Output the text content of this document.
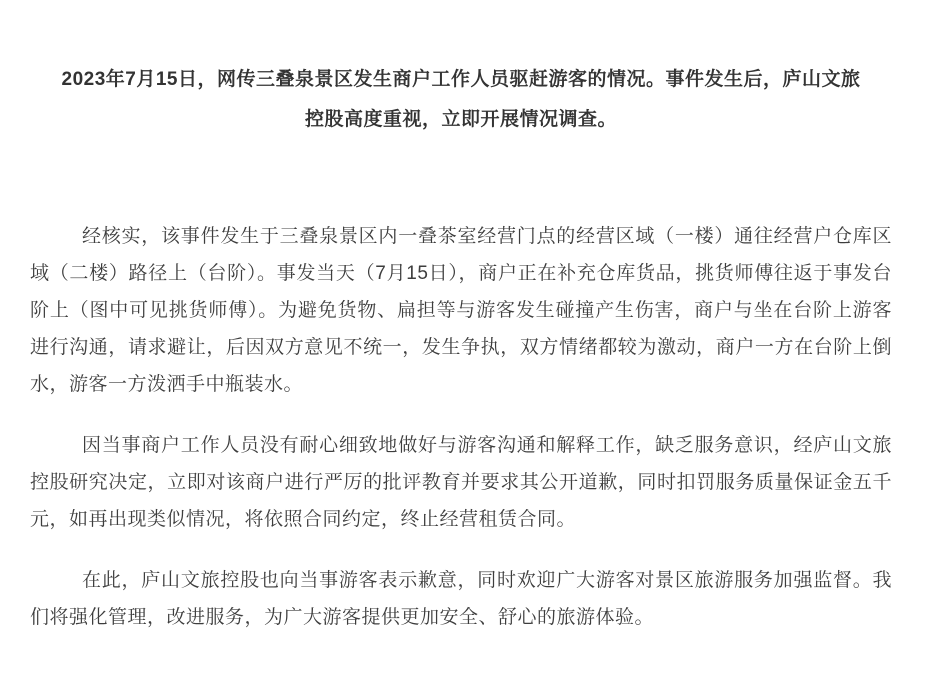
2023年7月15日，网传三叠泉景区发生商户工作人员驱赶游客的情况。事件发生后，庐山文旅控股高度重视，立即开展情况调查。

经核实，该事件发生于三叠泉景区内一叠茶室经营门点的经营区域（一楼）通往经营户仓库区域（二楼）路径上（台阶）。事发当天（7月15日），商户正在补充仓库货品，挑货师傅往返于事发台阶上（图中可见挑货师傅）。为避免货物、扁担等与游客发生碰撞产生伤害，商户与坐在台阶上游客进行沟通，请求避让，后因双方意见不统一，发生争执，双方情绪都较为激动，商户一方在台阶上倒水，游客一方泼洒手中瓶装水。

因当事商户工作人员没有耐心细致地做好与游客沟通和解释工作，缺乏服务意识，经庐山文旅控股研究决定，立即对该商户进行严厉的批评教育并要求其公开道歉，同时扣罚服务质量保证金五千元，如再出现类似情况，将依照合同约定，终止经营租赁合同。

在此，庐山文旅控股也向当事游客表示歉意，同时欢迎广大游客对景区旅游服务加强监督。我们将强化管理，改进服务，为广大游客提供更加安全、舒心的旅游体验。
